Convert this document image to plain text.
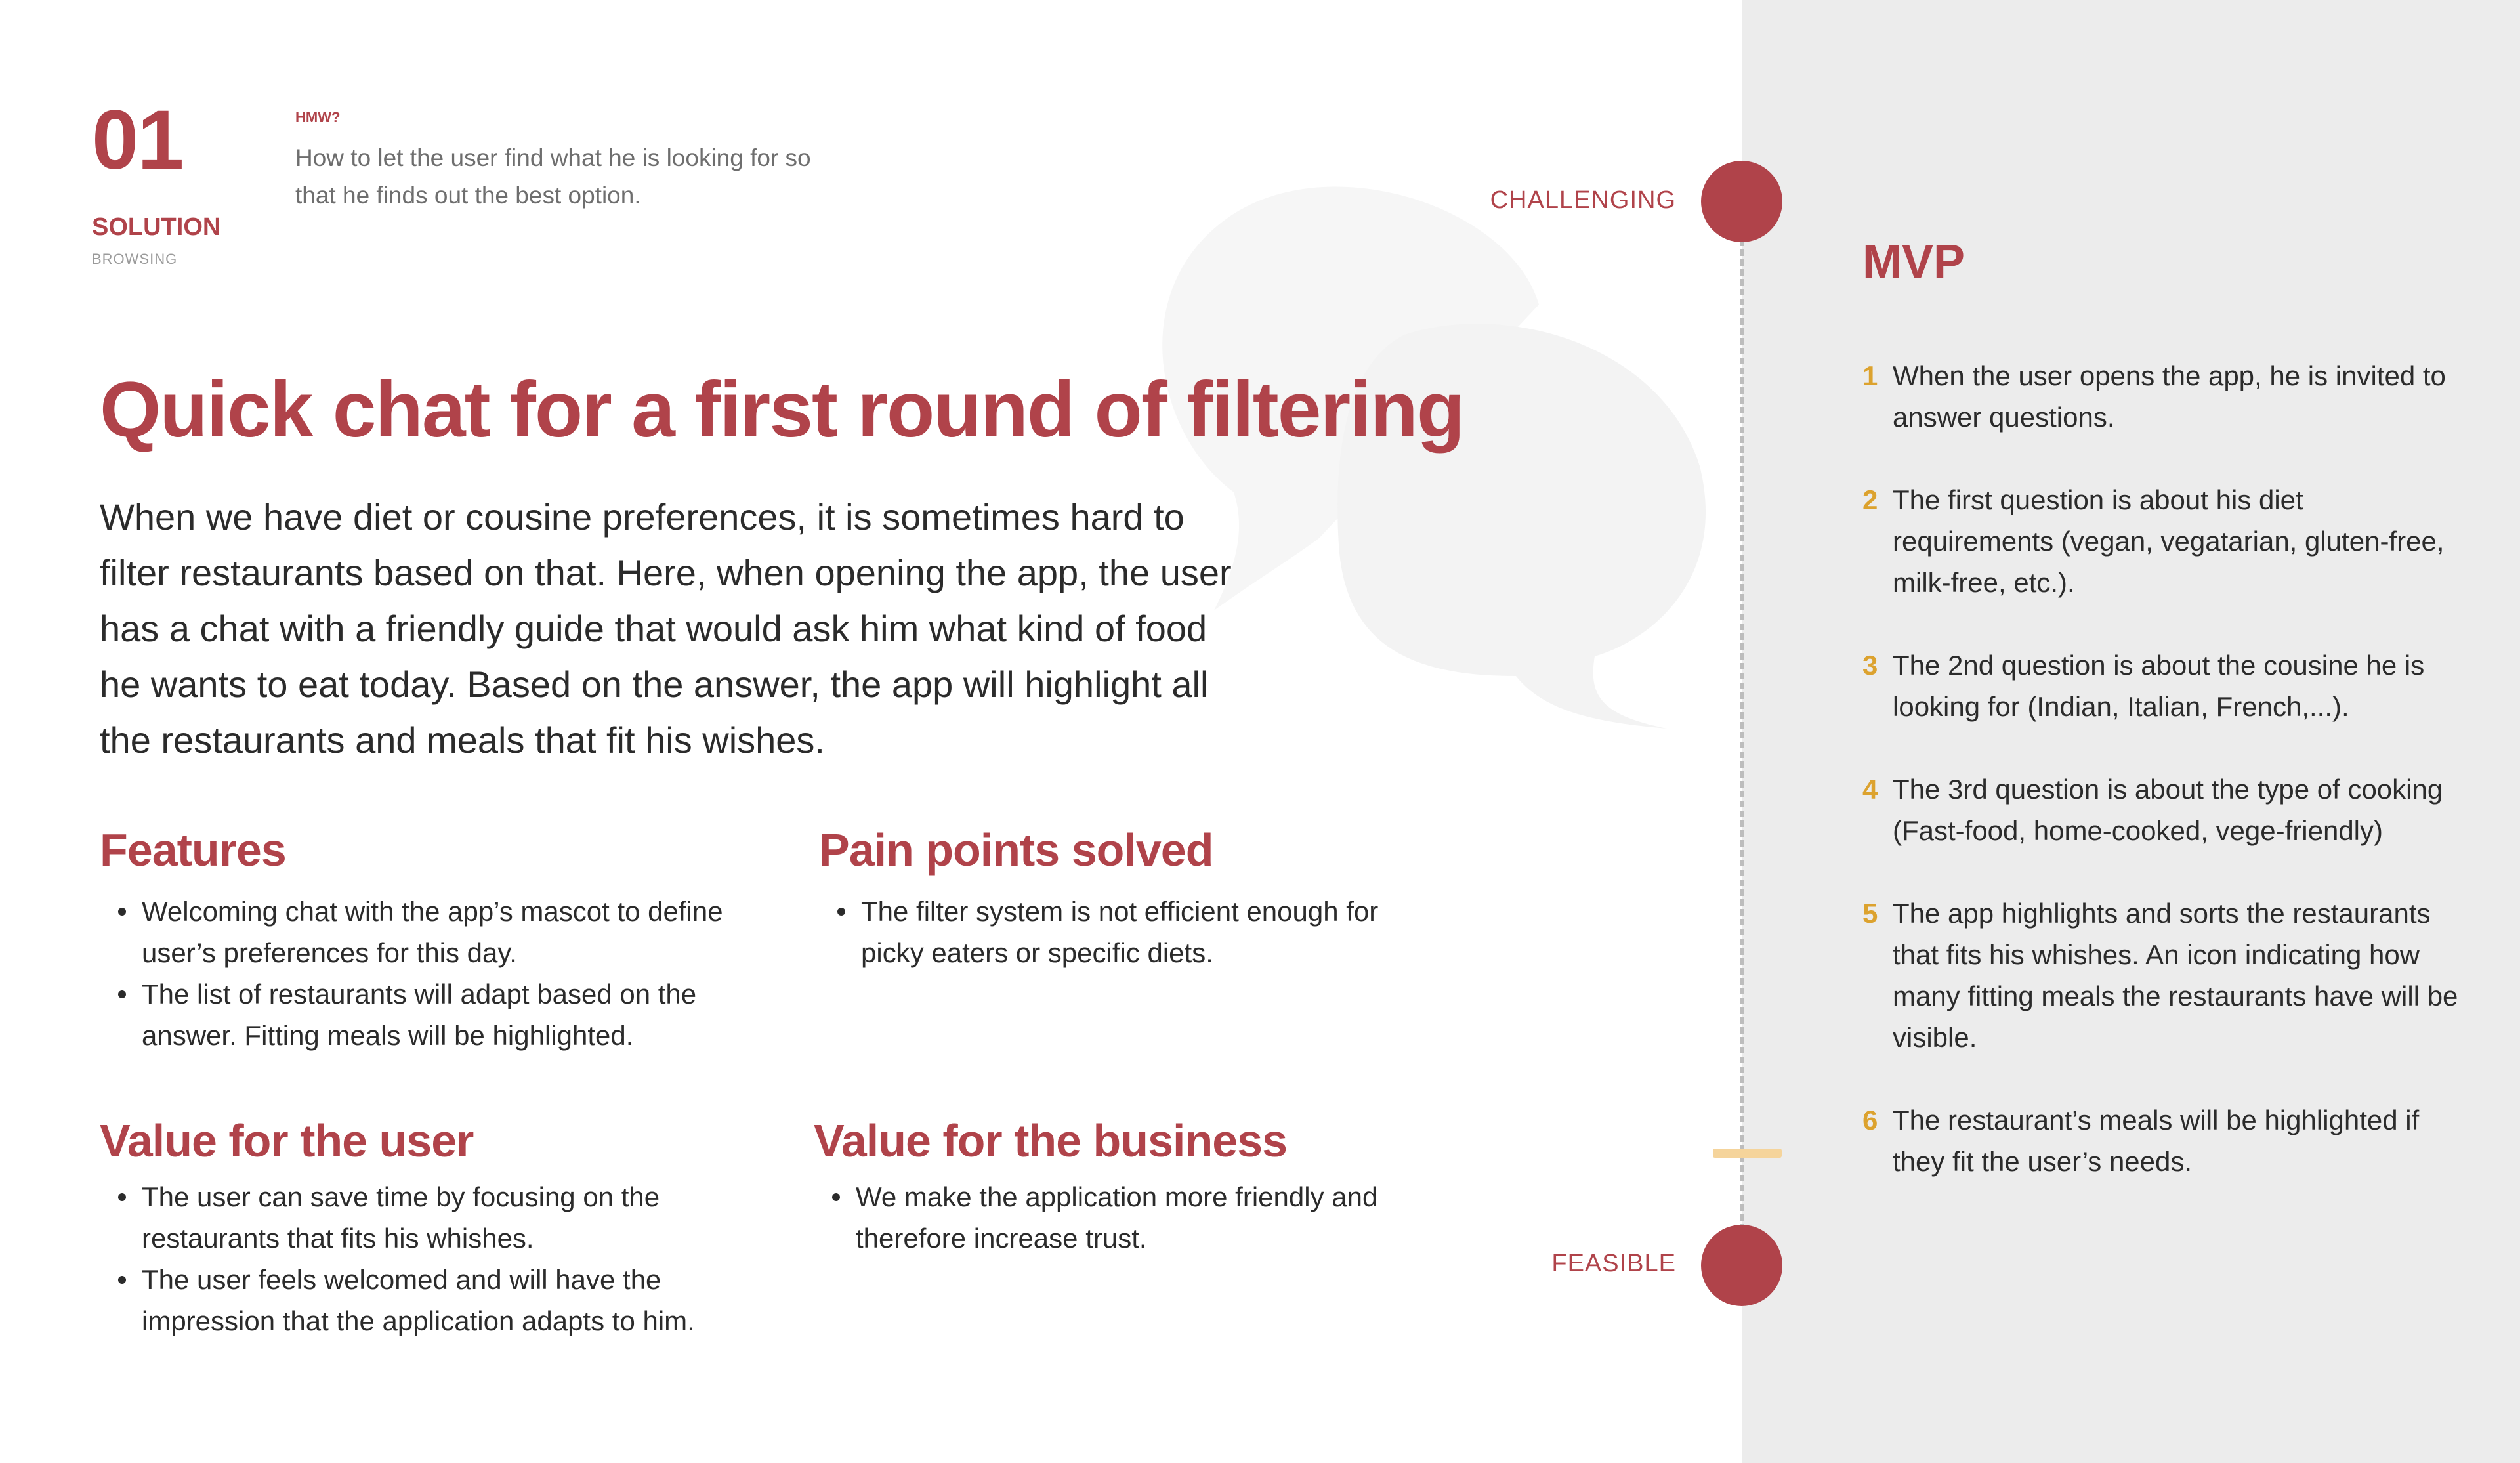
01
SOLUTION
BROWSING
HMW?
How to let the user find what he is looking for so that he finds out the best option.
Quick chat for a first round of filtering
When we have diet or cousine preferences, it is sometimes hard to filter restaurants based on that. Here, when opening the app, the user has a chat with a friendly guide that would ask him what kind of food he wants to eat today. Based on the answer, the app will highlight all the restaurants and meals that fit his wishes.
Features
Welcoming chat with the app’s mascot to define user’s preferences for this day.
The list of restaurants will adapt based on the answer. Fitting meals will be highlighted.
Pain points solved
The filter system is not efficient enough for picky eaters or specific diets.
Value for the user
The user can save time by focusing on the restaurants that fits his whishes.
The user feels welcomed and will have the impression that the application adapts to him.
Value for the business
We make the application more friendly and therefore increase trust.
CHALLENGING
FEASIBLE
MVP
1 When the user opens the app, he is invited to answer questions.
2 The first question is about his diet requirements (vegan, vegatarian, gluten-free, milk-free, etc.).
3 The 2nd question is about the cousine he is looking for (Indian, Italian, French,...).
4 The 3rd question is about the type of cooking (Fast-food, home-cooked, vege-friendly)
5 The app highlights and sorts the restaurants that fits his whishes. An icon indicating how many fitting meals the restaurants have will be visible.
6 The restaurant’s meals will be highlighted if they fit the user’s needs.
